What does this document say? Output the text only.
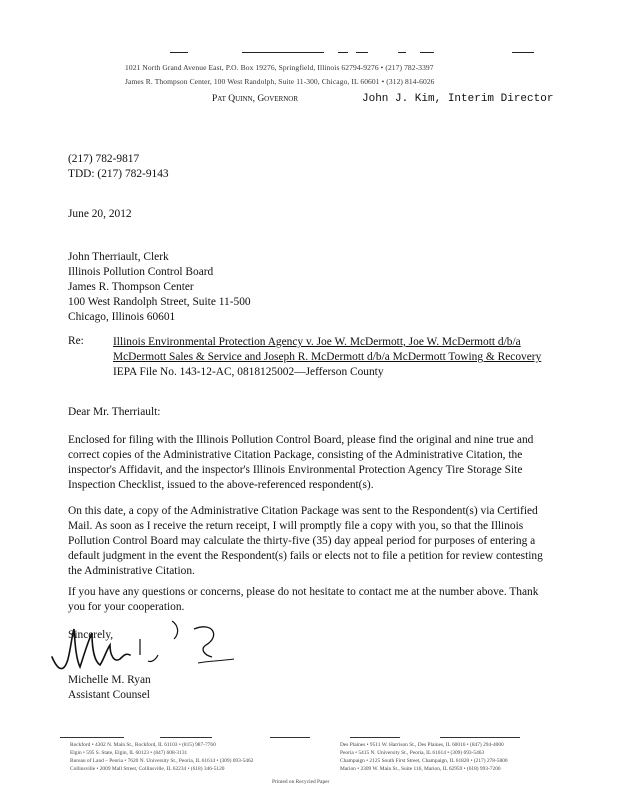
1021 North Grand Avenue East, P.O. Box 19276, Springfield, Illinois 62794-9276 • (217) 782-3397
James R. Thompson Center, 100 West Randolph, Suite 11-300, Chicago, IL 60601 • (312) 814-6026
Pat Quinn, Governor	John J. Kim, Interim Director
(217) 782-9817
TDD: (217) 782-9143
June 20, 2012
John Therriault, Clerk
Illinois Pollution Control Board
James R. Thompson Center
100 West Randolph Street, Suite 11-500
Chicago, Illinois 60601
Re:	Illinois Environmental Protection Agency v. Joe W. McDermott, Joe W. McDermott d/b/a McDermott Sales & Service and Joseph R. McDermott d/b/a McDermott Towing & Recovery
IEPA File No. 143-12-AC, 0818125002—Jefferson County
Dear Mr. Therriault:
Enclosed for filing with the Illinois Pollution Control Board, please find the original and nine true and correct copies of the Administrative Citation Package, consisting of the Administrative Citation, the inspector's Affidavit, and the inspector's Illinois Environmental Protection Agency Tire Storage Site Inspection Checklist, issued to the above-referenced respondent(s).
On this date, a copy of the Administrative Citation Package was sent to the Respondent(s) via Certified Mail. As soon as I receive the return receipt, I will promptly file a copy with you, so that the Illinois Pollution Control Board may calculate the thirty-five (35) day appeal period for purposes of entering a default judgment in the event the Respondent(s) fails or elects not to file a petition for review contesting the Administrative Citation.
If you have any questions or concerns, please do not hesitate to contact me at the number above. Thank you for your cooperation.
Sincerely,
Michelle M. Ryan
Assistant Counsel
Rockford • 4302 N. Main St., Rockford, IL 61103 • (815) 987-7760
Elgin • 595 S. State, Elgin, IL 60123 • (847) 608-3131
Bureau of Land – Peoria • 7620 N. University St., Peoria, IL 61614 • (309) 693-5462
Collinsville • 2009 Mall Street, Collinsville, IL 62234 • (618) 346-5120
Des Plaines • 9511 W. Harrison St., Des Plaines, IL 60016 • (847) 294-4000
Peoria • 5415 N. University St., Peoria, IL 61614 • (309) 693-5463
Champaign • 2125 South First Street, Champaign, IL 61820 • (217) 278-5800
Marion • 2309 W. Main St., Suite 116, Marion, IL 62959 • (618) 993-7200
Printed on Recycled Paper
